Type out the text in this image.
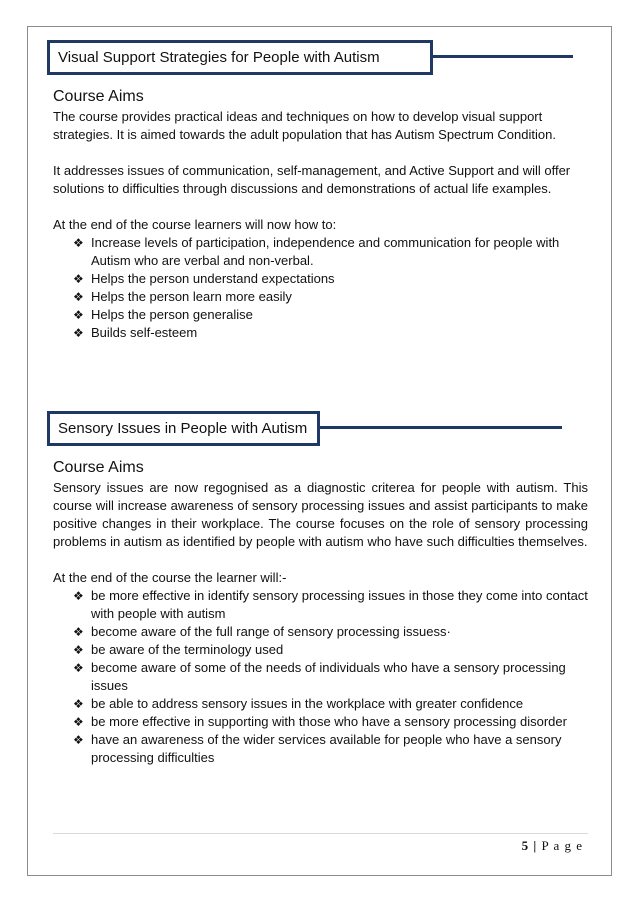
Visual Support Strategies for People with Autism
Course Aims

The course provides practical ideas and techniques on how to develop visual support strategies. It is aimed towards the adult population that has Autism Spectrum Condition.

It addresses issues of communication, self-management, and Active Support and will offer solutions to difficulties through discussions and demonstrations of actual life examples.

At the end of the course learners will now how to:

❖ Increase levels of participation, independence and communication for people with Autism who are verbal and non-verbal.
❖ Helps the person understand expectations
❖ Helps the person learn more easily
❖ Helps the person generalise
❖ Builds self-esteem
Sensory Issues in People with Autism
Course Aims

Sensory issues are now regognised as a diagnostic criterea for people with autism. This course will increase awareness of sensory processing issues and assist participants to make positive changes in their workplace. The course focuses on the role of sensory processing problems in autism as identified by people with autism who have such difficulties themselves.

At the end of the course the learner will:-

❖ be more effective in identify sensory processing issues in those they come into contact with people with autism
❖ become aware of the full range of sensory processing issuess·
❖ be aware of the terminology used
❖ become aware of some of the needs of individuals who have a sensory processing issues
❖ be able to address sensory issues in the workplace with greater confidence
❖ be more effective in supporting with those who have a sensory processing disorder
❖ have an awareness of the wider services available for people who have a sensory processing difficulties
5 | P a g e
